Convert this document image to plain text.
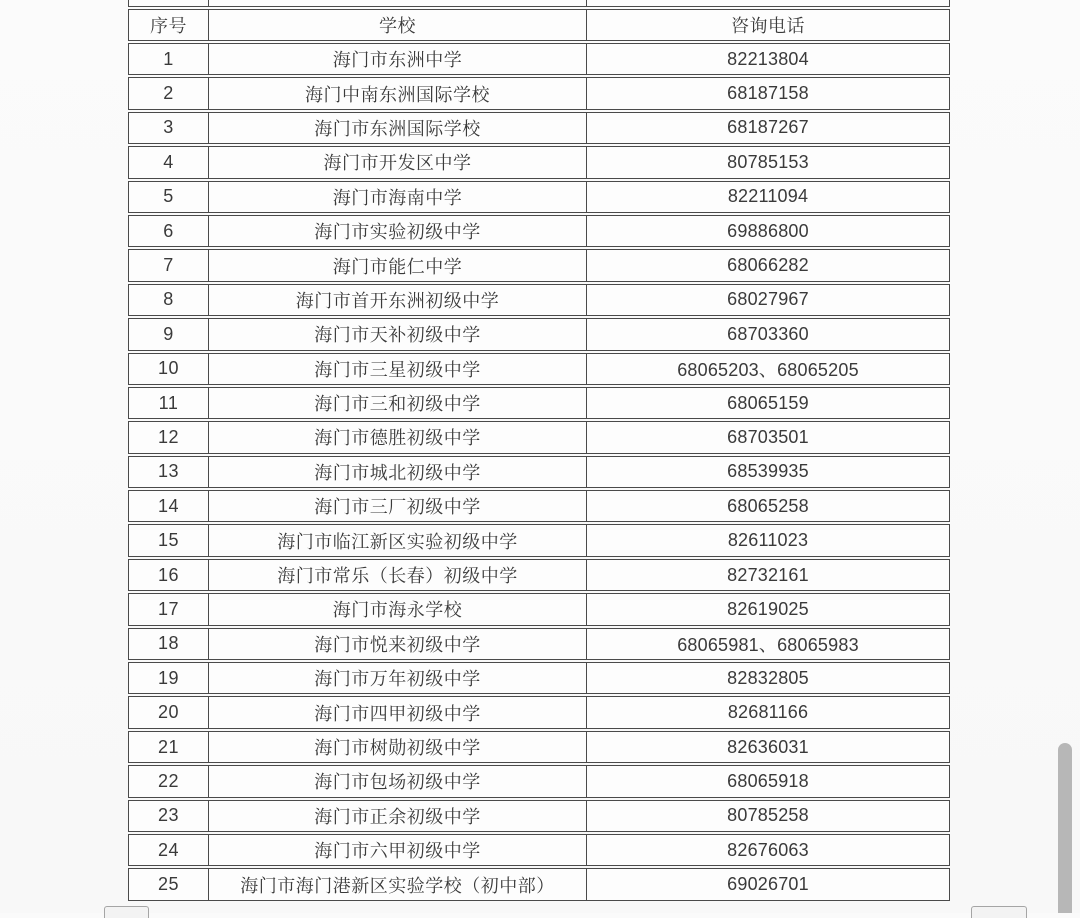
序号	学校	咨询电话
1	海门市东洲中学	82213804
2	海门中南东洲国际学校	68187158
3	海门市东洲国际学校	68187267
4	海门市开发区中学	80785153
5	海门市海南中学	82211094
6	海门市实验初级中学	69886800
7	海门市能仁中学	68066282
8	海门市首开东洲初级中学	68027967
9	海门市天补初级中学	68703360
10	海门市三星初级中学	68065203、68065205
11	海门市三和初级中学	68065159
12	海门市德胜初级中学	68703501
13	海门市城北初级中学	68539935
14	海门市三厂初级中学	68065258
15	海门市临江新区实验初级中学	82611023
16	海门市常乐（长春）初级中学	82732161
17	海门市海永学校	82619025
18	海门市悦来初级中学	68065981、68065983
19	海门市万年初级中学	82832805
20	海门市四甲初级中学	82681166
21	海门市树勋初级中学	82636031
22	海门市包场初级中学	68065918
23	海门市正余初级中学	80785258
24	海门市六甲初级中学	82676063
25	海门市海门港新区实验学校（初中部）	69026701
